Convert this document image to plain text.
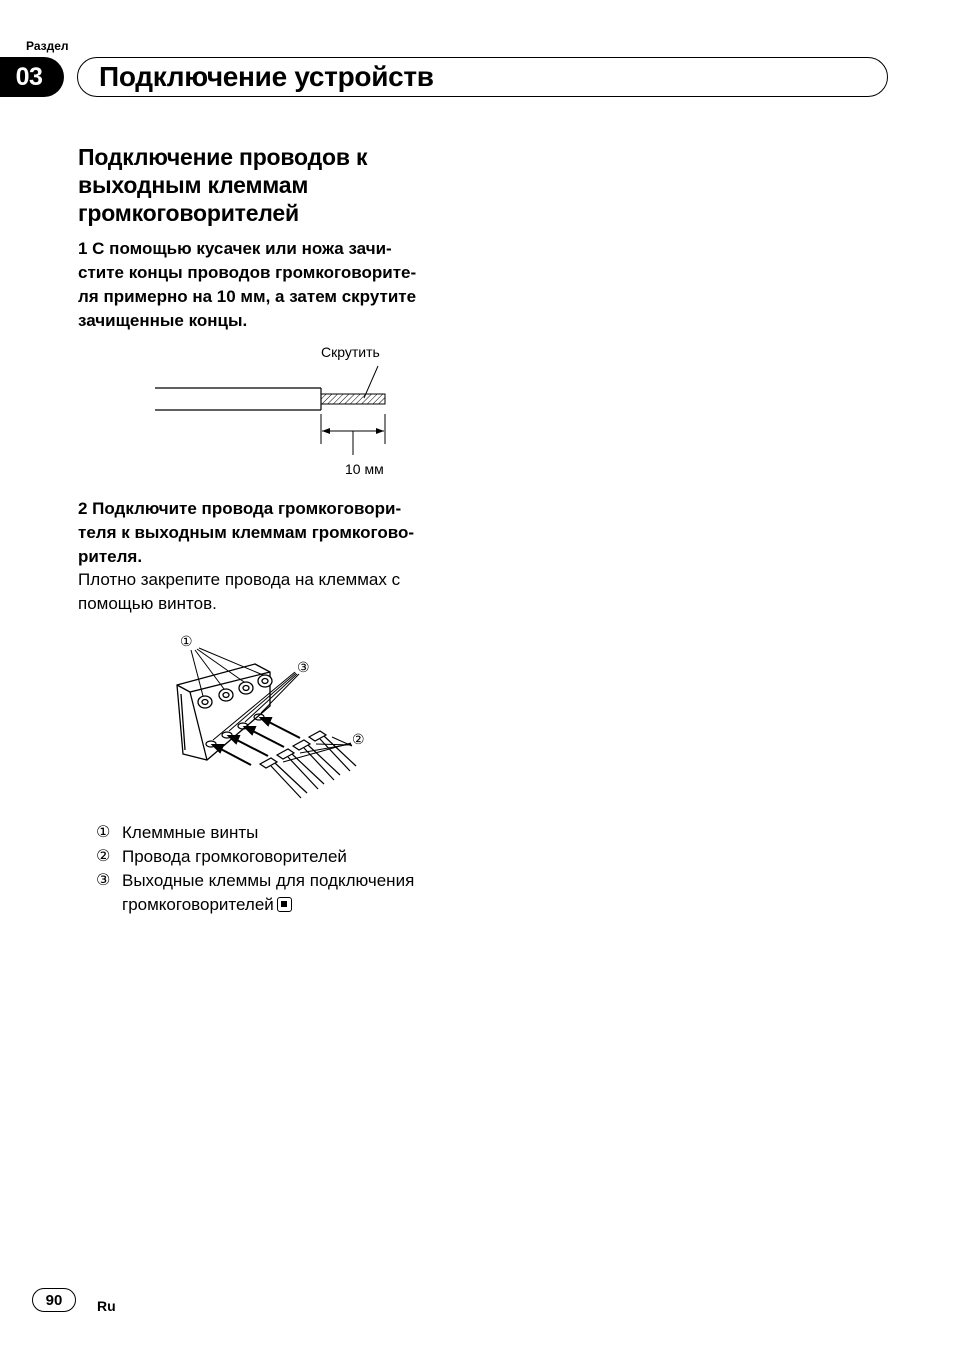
Раздел
03	Подключение устройств
Подключение проводов к выходным клеммам громкоговорителей
1 С помощью кусачек или ножа зачи-
стите концы проводов громкоговорите-
ля примерно на 10 мм, а затем скрутите
зачищенные концы.
Скрутить
10 мм
2 Подключите провода громкоговори-
теля к выходным клеммам громкогово-
рителя.
Плотно закрепите провода на клеммах с
помощью винтов.
①
③
②
① Клеммные винты
② Провода громкоговорителей
③ Выходные клеммы для подключения громкоговорителей
90	Ru
